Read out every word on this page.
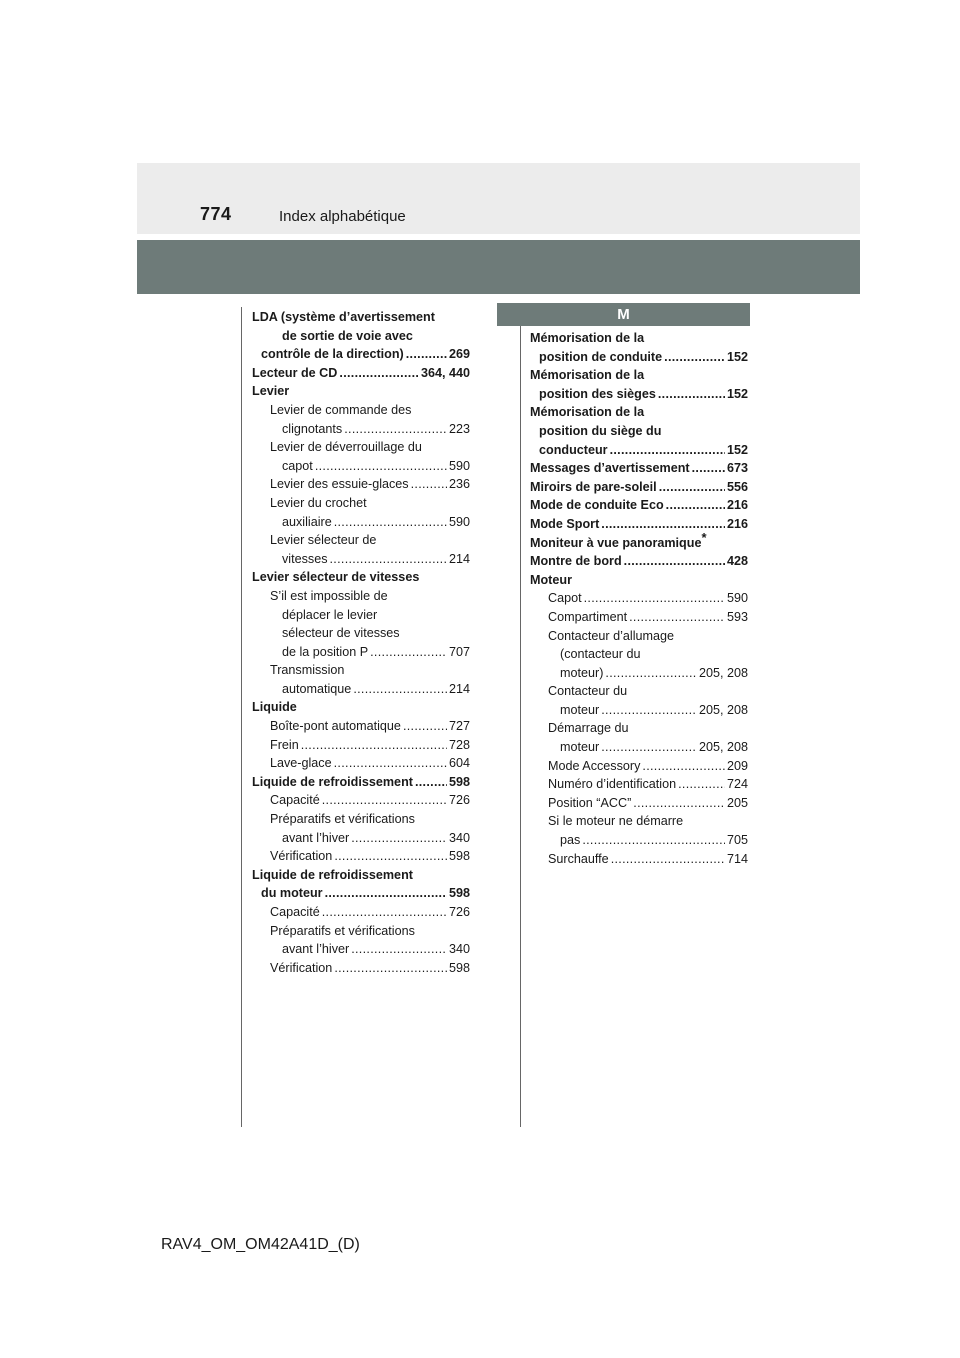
774	Index alphabétique
LDA (système d’avertissement
de sortie de voie avec
contrôle de la direction) .....	269
Lecteur de CD .....	364, 440
Levier
Levier de commande des
clignotants .....	223
Levier de déverrouillage du
capot .....	590
Levier des essuie-glaces .....	236
Levier du crochet
auxiliaire .....	590
Levier sélecteur de
vitesses .....	214
Levier sélecteur de vitesses
S’il est impossible de
déplacer le levier
sélecteur de vitesses
de la position P .....	707
Transmission
automatique .....	214
Liquide
Boîte-pont automatique .....	727
Frein .....	728
Lave-glace .....	604
Liquide de refroidissement .....	598
Capacité .....	726
Préparatifs et vérifications
avant l’hiver .....	340
Vérification .....	598
Liquide de refroidissement
du moteur .....	598
Capacité .....	726
Préparatifs et vérifications
avant l’hiver .....	340
Vérification .....	598
M
Mémorisation de la
position de conduite .....	152
Mémorisation de la
position des sièges .....	152
Mémorisation de la
position du siège du
conducteur .....	152
Messages d’avertissement .....	673
Miroirs de pare-soleil .....	556
Mode de conduite Eco .....	216
Mode Sport .....	216
Moniteur à vue panoramique*
Montre de bord .....	428
Moteur
Capot .....	590
Compartiment .....	593
Contacteur d’allumage
(contacteur du
moteur) .....	205, 208
Contacteur du
moteur .....	205, 208
Démarrage du
moteur .....	205, 208
Mode Accessory .....	209
Numéro d’identification .....	724
Position “ACC” .....	205
Si le moteur ne démarre
pas .....	705
Surchauffe .....	714
RAV4_OM_OM42A41D_(D)
